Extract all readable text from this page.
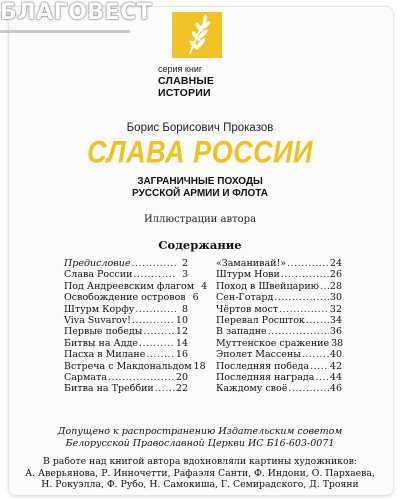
БЛАГОВЕСТ
серия книг
СЛАВНЫЕ
ИСТОРИИ
Борис Борисович Проказов
СЛАВА РОССИИ
ЗАГРАНИЧНЫЕ ПОХОДЫ
РУССКОЙ АРМИИ И ФЛОТА
Иллюстрации автора
Содержание
Предисловие .....	2
Слава России .....	3
Под Андреевским флагом 4
Освобождение островов 6
Штурм Корфу .....	8
Viva Suvarov! .....	10
Первые победы .....	12
Битвы на Адде .....	14
Пасха в Милане .....	16
Встреча с Макдональдом 18
Сармата .....	20
Битва на Треббии ..... 22
«Заманивай!» .....	24
Штурм Нови .....	26
Поход в Швейцарию ..... 28
Сен-Готард .....	30
Чёртов мост .....	32
Перевал Росшток .....	34
В западне .....	36
Муттенское сражение 38
Эполет Массены .....	40
Последняя победа ..... 42
Последняя награда ..... 44
Каждому своё .....	46
Допущено к распространению Издательским советом
Белорусской Православной Церкви ИС Б16-603-0071
В работе над книгой автора вдохновляли картины художников:
А. Аверьянова, Р. Инночетти, Рафаэля Санти, Ф. Индони, О. Пархаева,
Н. Рокуэлла, Ф. Рубо, Н. Самокиша, Г. Семирадского, Д. Трояни
